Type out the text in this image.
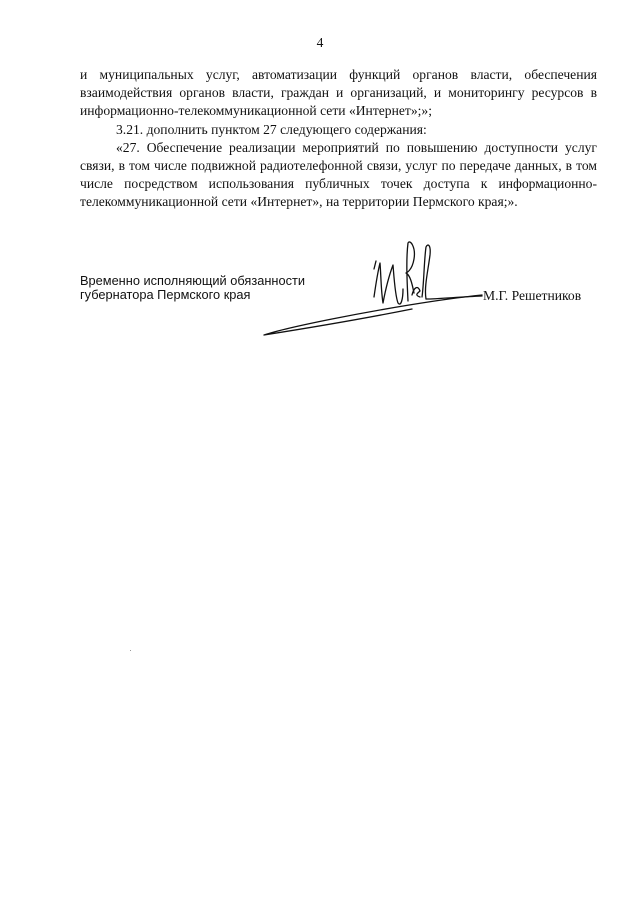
4

и муниципальных услуг, автоматизации функций органов власти, обеспечения взаимодействия органов власти, граждан и организаций, и мониторингу ресурсов в информационно-телекоммуникационной сети «Интернет»;»;

3.21. дополнить пунктом 27 следующего содержания:

«27. Обеспечение реализации мероприятий по повышению доступности услуг связи, в том числе подвижной радиотелефонной связи, услуг по передаче данных, в том числе посредством использования публичных точек доступа к информационно-телекоммуникационной сети «Интернет», на территории Пермского края;».

Временно исполняющий обязанности
губернатора Пермского края	М.Г. Решетников
